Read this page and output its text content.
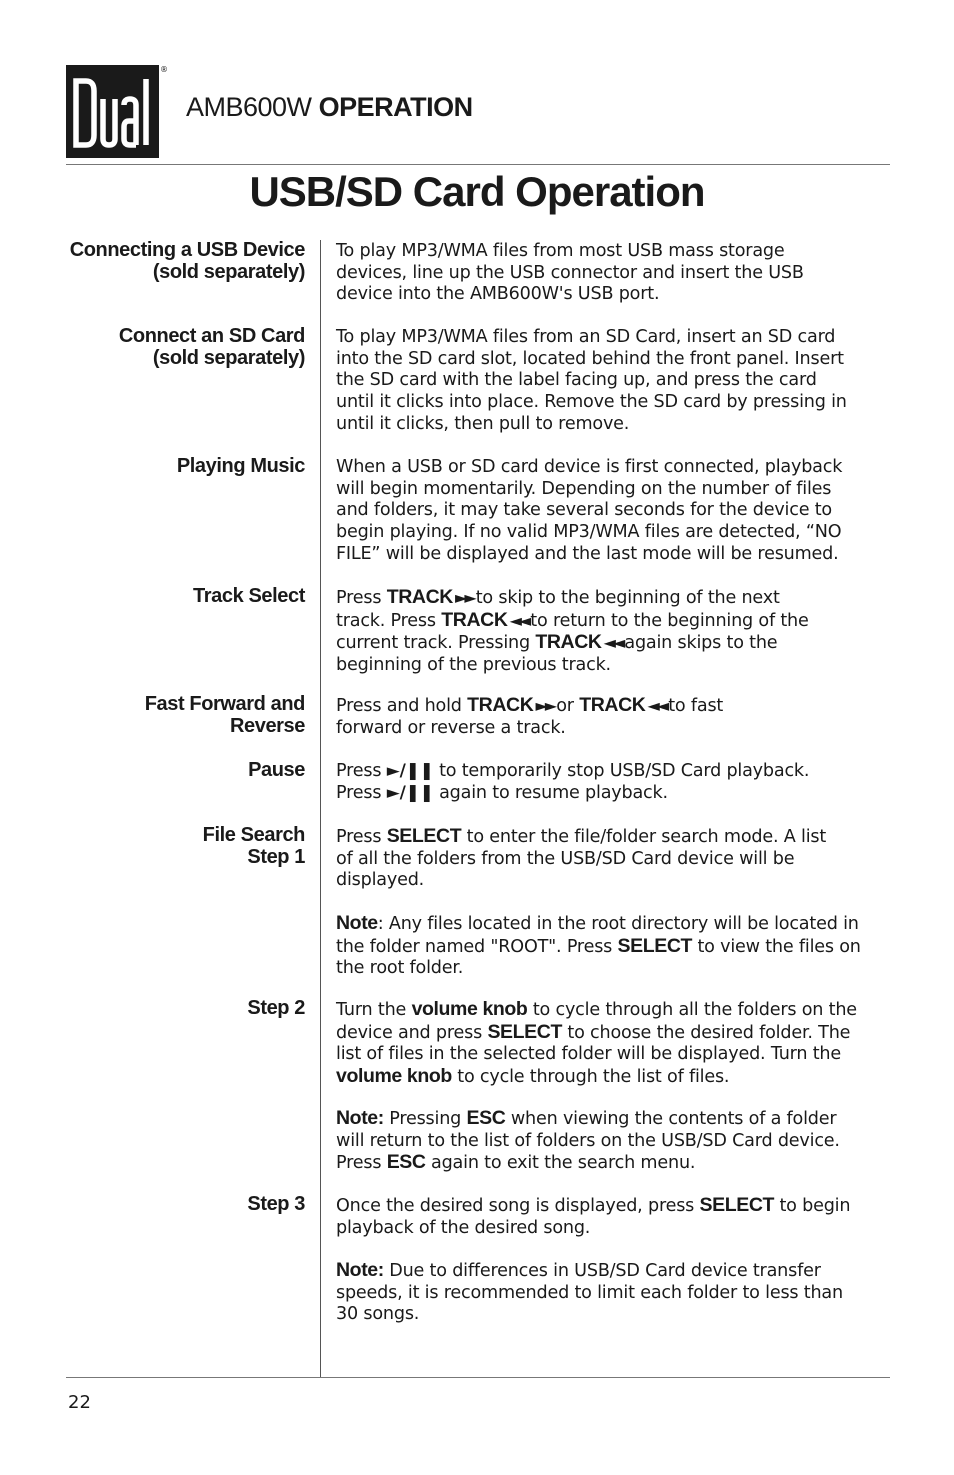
®
AMB600W OPERATION
USB/SD Card Operation
Connecting a USB Device
(sold separately)
To play MP3/WMA files from most USB mass storage
devices, line up the USB connector and insert the USB
device into the AMB600W's USB port.
Connect an SD Card
(sold separately)
To play MP3/WMA files from an SD Card, insert an SD card
into the SD card slot, located behind the front panel. Insert
the SD card with the label facing up, and press the card
until it clicks into place. Remove the SD card by pressing in
until it clicks, then pull to remove.
Playing Music When a USB or SD card device is first connected, playback
will begin momentarily. Depending on the number of files
and folders, it may take several seconds for the device to
begin playing. If no valid MP3/WMA files are detected, “NO
FILE” will be displayed and the last mode will be resumed.
Track Select Press TRACK ►► to skip to the beginning of the next
track. Press TRACK ◄◄ to return to the beginning of the
current track. Pressing TRACK ◄◄ again skips to the
beginning of the previous track.
Fast Forward and
Reverse
Press and hold TRACK ►► or TRACK ◄◄ to fast
forward or reverse a track.
Pause Press ►/❚❚ to temporarily stop USB/SD Card playback.
Press ►/❚❚ again to resume playback.
File Search
Step 1
Press SELECT to enter the file/folder search mode. A list
of all the folders from the USB/SD Card device will be
displayed.
Note: Any files located in the root directory will be located in
the folder named "ROOT". Press SELECT to view the files on
the root folder.
Step 2 Turn the volume knob to cycle through all the folders on the
device and press SELECT to choose the desired folder. The
list of files in the selected folder will be displayed. Turn the
volume knob to cycle through the list of files.
Note: Pressing ESC when viewing the contents of a folder
will return to the list of folders on the USB/SD Card device.
Press ESC again to exit the search menu.
Step 3 Once the desired song is displayed, press SELECT to begin
playback of the desired song.
Note: Due to differences in USB/SD Card device transfer
speeds, it is recommended to limit each folder to less than
30 songs.
22
